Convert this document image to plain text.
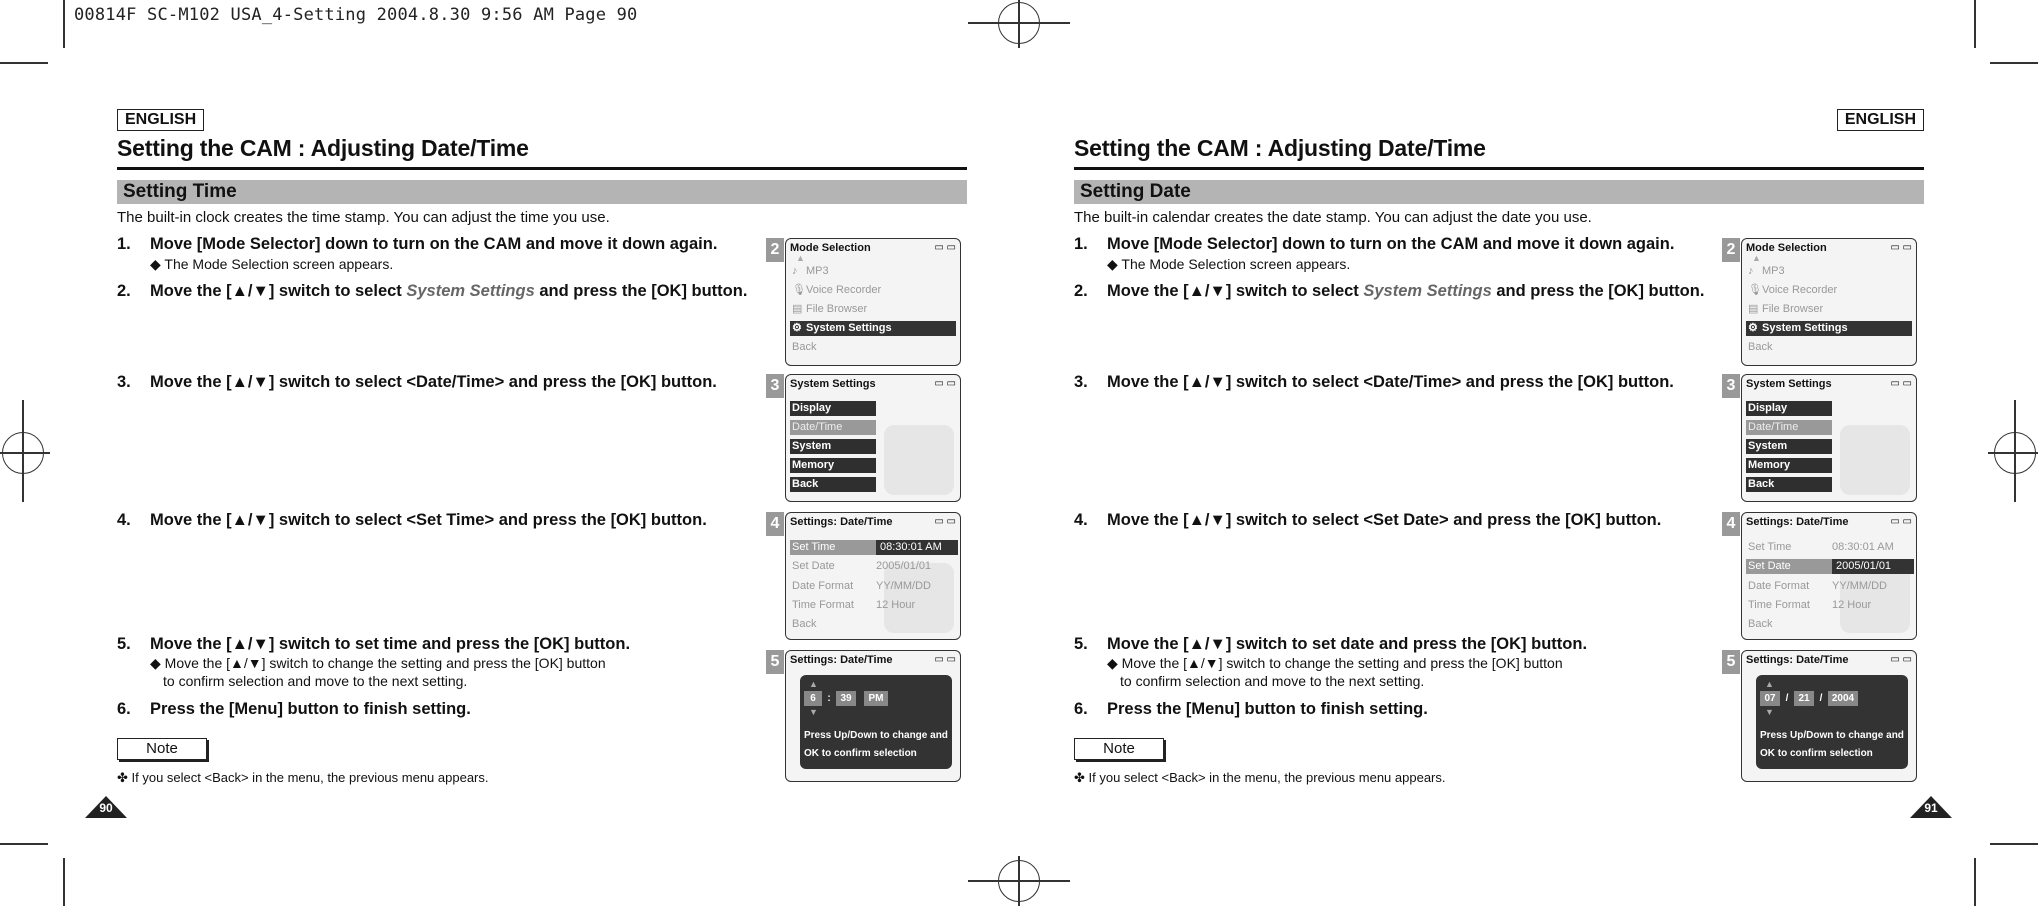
00814F SC-M102 USA_4-Setting 2004.8.30 9:56 AM Page 90
ENGLISH
Setting the CAM : Adjusting Date/Time
Setting Time
The built-in clock creates the time stamp. You can adjust the time you use.
1. Move [Mode Selector] down to turn on the CAM and move it down again.
◆ The Mode Selection screen appears.
2. Move the [▲/▼] switch to select System Settings and press the [OK] button.
3. Move the [▲/▼] switch to select <Date/Time> and press the [OK] button.
4. Move the [▲/▼] switch to select <Set Time> and press the [OK] button.
5. Move the [▲/▼] switch to set time and press the [OK] button.
◆ Move the [▲/▼] switch to change the setting and press the [OK] button
to confirm selection and move to the next setting.
6. Press the [Menu] button to finish setting.
Note
✤ If you select <Back> in the menu, the previous menu appears.
2 Mode Selection	▭ ▭
▲
♪ MP3
🎙Voice Recorder
▤ File Browser
⚙ System Settings
Back
3 System Settings	▭ ▭
Display
Date/Time
System
Memory
Back
4 Settings: Date/Time	▭ ▭
Set Time	08:30:01 AM
Set Date	2005/01/01
Date Format YY/MM/DD
Time Format 12 Hour
Back
5 Settings: Date/Time	▭ ▭
▲
6
▼
: 39	PM
Press Up/Down to change and
OK to confirm selection
90
ENGLISH
Setting the CAM : Adjusting Date/Time
Setting Date
The built-in calendar creates the date stamp. You can adjust the date you use.
1. Move [Mode Selector] down to turn on the CAM and move it down again.
◆ The Mode Selection screen appears.
2. Move the [▲/▼] switch to select System Settings and press the [OK] button.
3. Move the [▲/▼] switch to select <Date/Time> and press the [OK] button.
4. Move the [▲/▼] switch to select <Set Date> and press the [OK] button.
5. Move the [▲/▼] switch to set date and press the [OK] button.
◆ Move the [▲/▼] switch to change the setting and press the [OK] button
to confirm selection and move to the next setting.
6. Press the [Menu] button to finish setting.
Note
✤ If you select <Back> in the menu, the previous menu appears.
2 Mode Selection	▭ ▭
▲
♪ MP3
🎙Voice Recorder
▤ File Browser
⚙ System Settings
Back
3 System Settings	▭ ▭
Display
Date/Time
System
Memory
Back
4 Settings: Date/Time	▭ ▭
Set Time	08:30:01 AM
Set Date	2005/01/01
Date Format YY/MM/DD
Time Format 12 Hour
Back
5 Settings: Date/Time	▭ ▭
▲
07
▼
/	21	/ 2004
Press Up/Down to change and
OK to confirm selection
91
